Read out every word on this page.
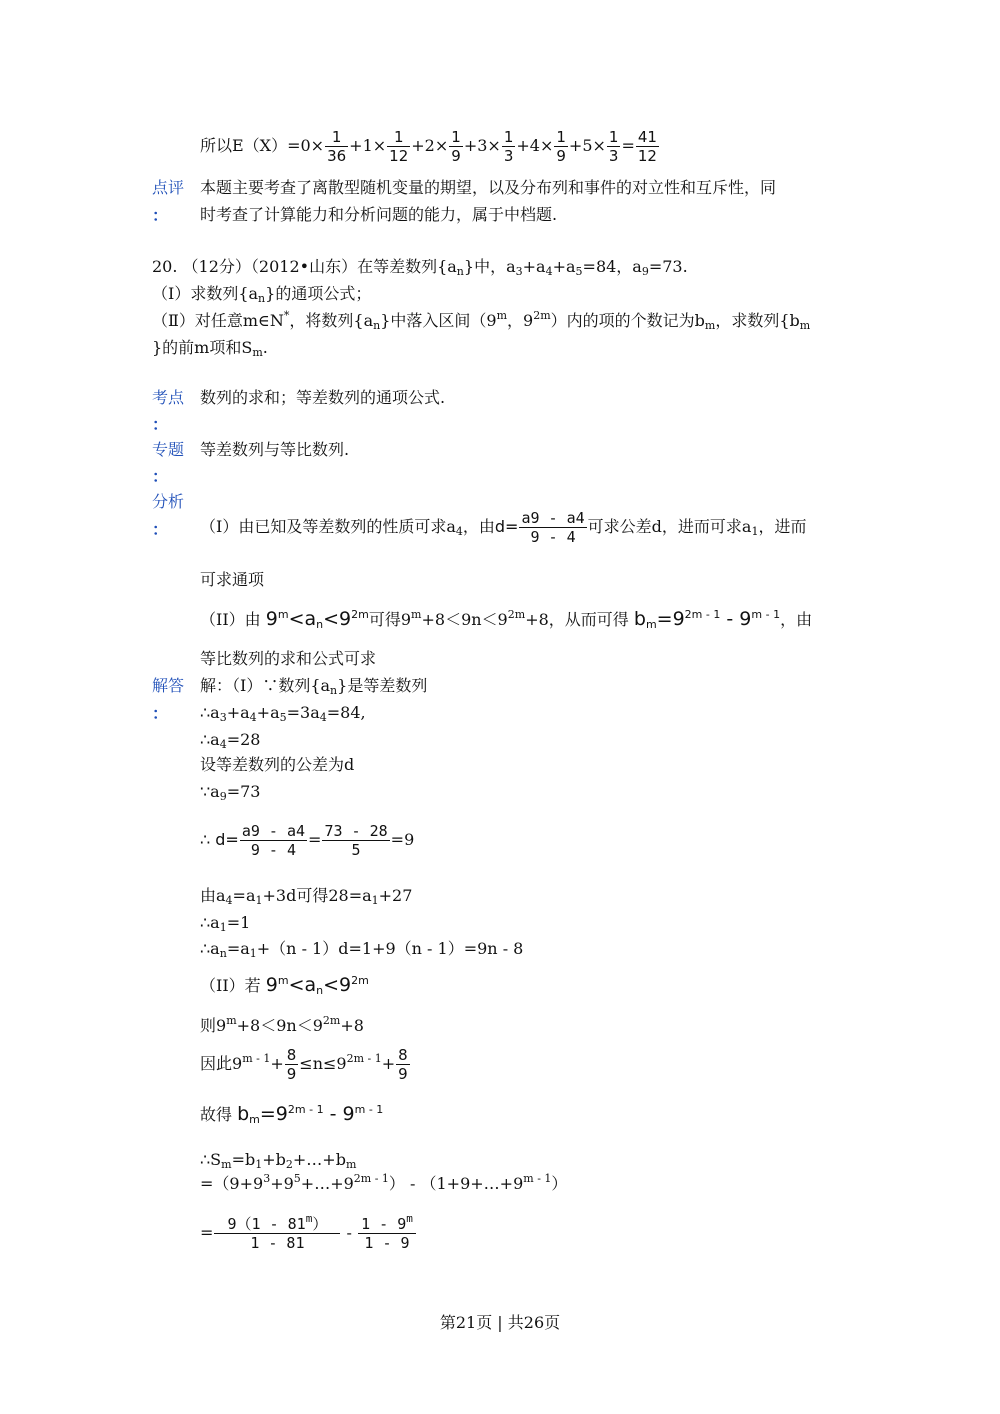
所以$E(X)=0\times \frac{1}{36} +1\times \frac{1}{12} +2\times \frac{1}{9} +3\times \frac{1}{3} +4\times \frac{1}{9} +5\times \frac{1}{3} = \frac{41}{12}$
点评
：
本题主要考查了离散型随机变量的期望，以及分布列和事件的对立性和互斥性，同
时考查了计算能力和分析问题的能力，属于中档题.
20. （12分）（2012•山东）在等差数列$\{a_n\}$中，$a_3+a_4+a_5=84$，$a_9=73$.
（Ⅰ）求数列$\{a_n\}$的通项公式；
（Ⅱ）对任意m∈N*，将数列$\{a_n\}$中落入区间（9$^m$，$9^{2m}$）内的项的个数记为$b_m$，求数列{$b_m$
}的前m项和$S_m$.
考点
：
数列的求和；等差数列的通项公式.
专题
：
等差数列与等比数列.
分析
： （I）由已知及等差数列的性质可求$a_4$，由$d= \frac{a9 - a4}{9 - 4}$ 可求公差d，进而可求$a_1$，进而
可求通项
（II）由 $9^m<a_n<9^{2m}$可得$9^m+8<9n<9^{2m}+8$，从而可得 $b_m=9^{2m - 1} - 9^{m - 1}$，由
等比数列的求和公式可求
解答
：
解：（I）∵数列$\{a_n\}$是等差数列
$\therefore a_3+a_4+a_5=3a_4=84$,
$\therefore a_4=28$
设等差数列的公差为d
$\because a_9=73$
∴ $d= \frac{a9 - a4}{9 - 4} = \frac{73 - 28}{5} =9$
由$a_4=a_1+3d$可得$28=a_1+27$
$\therefore a_1=1$
$\therefore a_n=a_1+(n - 1)d=1+9(n - 1)=9n - 8$
（II）若 $9^m<a_n<9^{2m}$
则$9^m+8<9n<9^{2m}+8$
因此$9^{m - 1}+ \frac{8}{9} \le n\le 9^{2m - 1}+ \frac{8}{9}$
故得 $b_m=9^{2m - 1} - 9^{m - 1}$
$\therefore S_m=b_1+b_2+\dots+b_m$
$=(9+9^3+9^5+\dots+9^{2m - 1})$ - $(1+9+\dots+9^{m - 1})$
= $\frac{9(1 - 81^m)}{1 - 81} - \frac{1 - 9^m}{1 - 9}$
第21页 | 共26页
